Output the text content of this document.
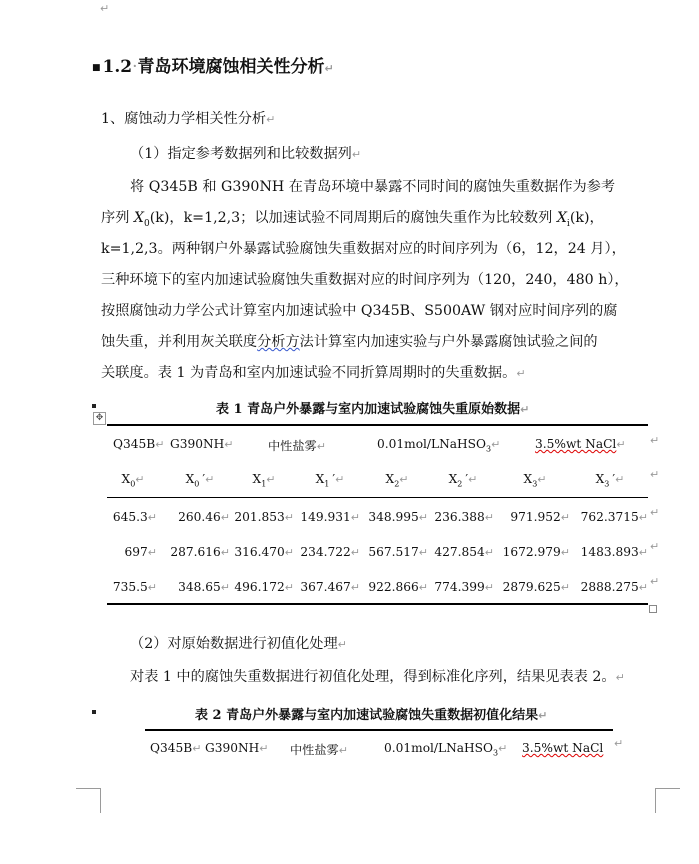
↵
■ 1.2·青岛环境腐蚀相关性分析↵
1、腐蚀动力学相关性分析↵
（1）指定参考数据列和比较数据列↵
将 Q345B 和 G390NH 在青岛环境中暴露不同时间的腐蚀失重数据作为参考
序列 $X_0(k)$，k=1,2,3；以加速试验不同周期后的腐蚀失重作为比较数列 $X_i(k)$，
k=1,2,3。两种钢户外暴露试验腐蚀失重数据对应的时间序列为（6，12，24 月），
三种环境下的室内加速试验腐蚀失重数据对应的时间序列为（120，240，480 h），
按照腐蚀动力学公式计算室内加速试验中 Q345B、S500AW 钢对应时间序列的腐
蚀失重，并利用灰关联度分析方法计算室内加速实验与户外暴露腐蚀试验之间的
关联度。表 1 为青岛和室内加速试验不同折算周期时的失重数据。↵
表 1 青岛户外暴露与室内加速试验腐蚀失重原始数据↵
✥
Q345B↵ G390NH↵	中性盐雾↵	0.01mol/LNaHSO$_3$↵	3.5%wt NaCl↵ ↵
$X_0↵$	$X_0$ ′↵	$X_1↵$	$X_1$ ′↵	$X_2↵$	$X_2$ ′↵	$X_3↵$	$X_3$ ′↵	↵
645.3↵	260.46↵ 201.853↵ 149.931↵ 348.995↵ 236.388↵	971.952↵ 762.3715↵
697↵ 287.616↵ 316.470↵ 234.722↵ 567.517↵ 427.854↵ 1672.979↵ 1483.893↵
735.5↵	348.65↵ 496.172↵ 367.467↵ 922.866↵ 774.399↵ 2879.625↵ 2888.275↵
↵
↵
↵
（2）对原始数据进行初值化处理↵
对表 1 中的腐蚀失重数据进行初值化处理，得到标准化序列，结果见表表 2。↵
表 2 青岛户外暴露与室内加速试验腐蚀失重数据初值化结果↵
Q345B↵ G390NH↵ 中性盐雾↵	0.01mol/LNaHSO$_3$↵ 3.5%wt NaCl ↵
